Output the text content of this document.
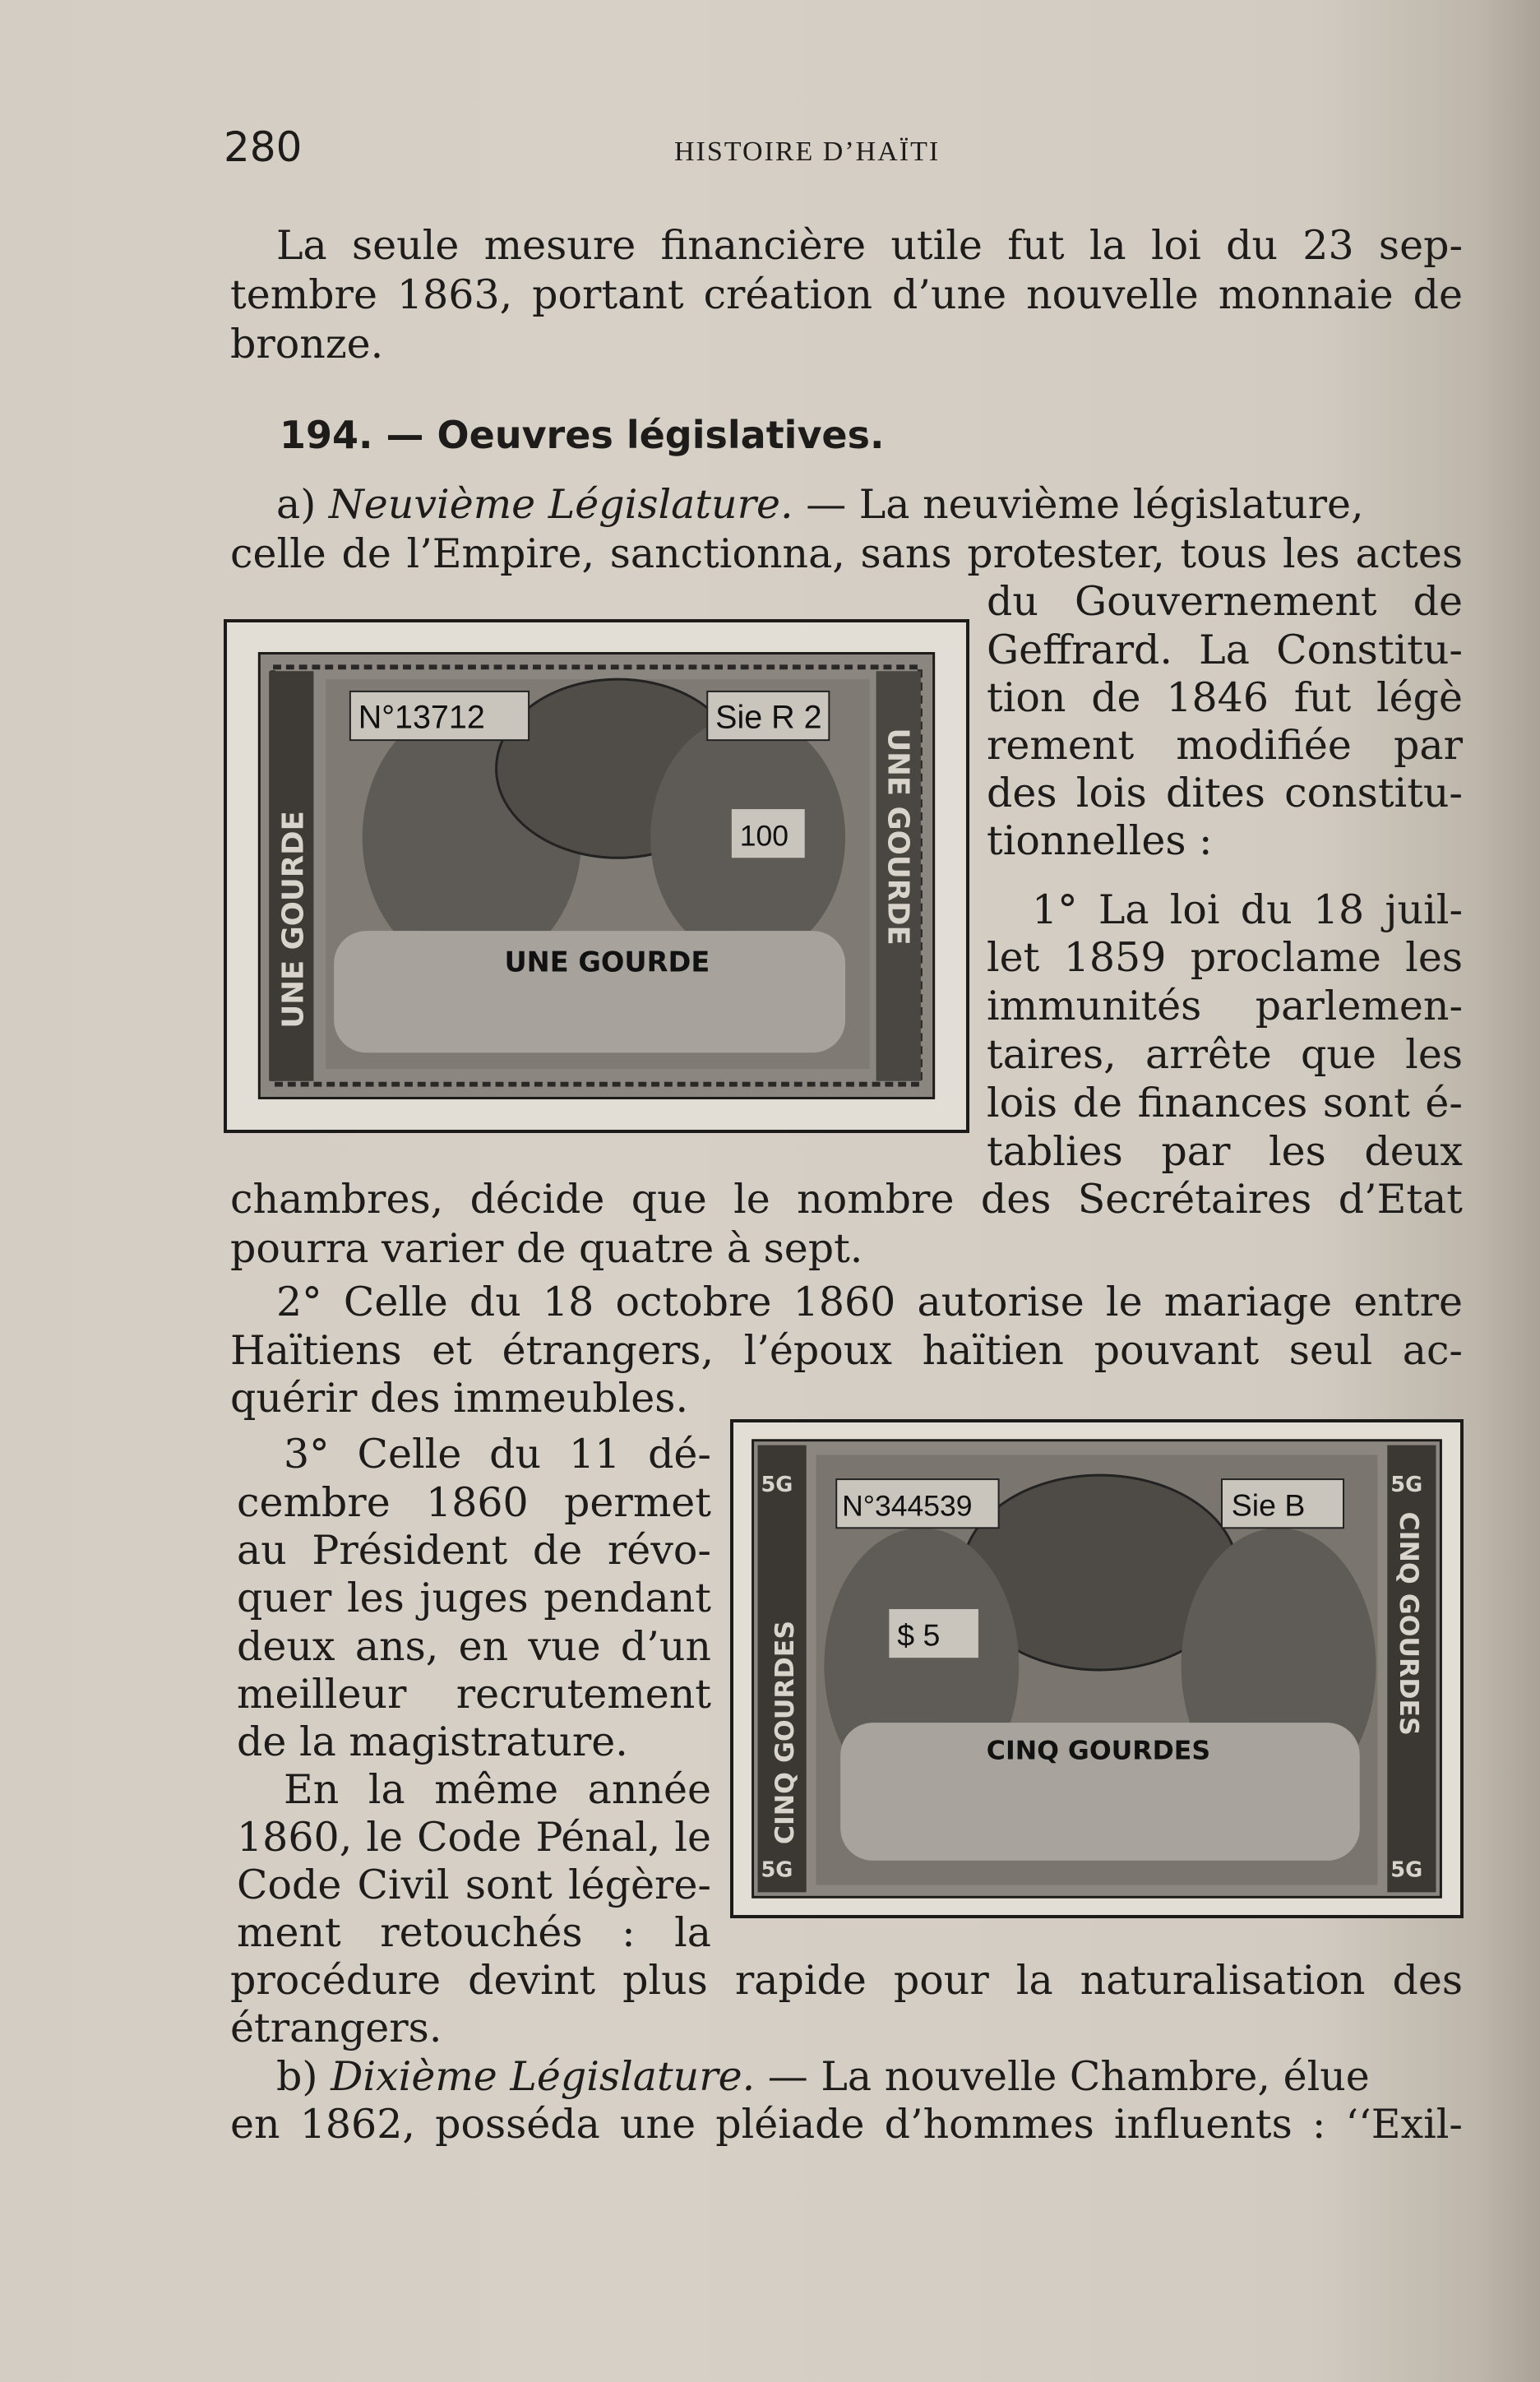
280	HISTOIRE D’HAÏTI
La seule mesure financière utile fut la loi du 23 sep-
tembre 1863, portant création d’une nouvelle monnaie de
bronze.
194. — Oeuvres législatives.
a) Neuvième Législature. — La neuvième législature,
celle de l’Empire, sanctionna, sans protester, tous les actes
du Gouvernement de
Geffrard. La Constitu-
tion de 1846 fut légè
rement modifiée par
des lois dites constitu-
tionnelles :
1° La loi du 18 juil-
let 1859 proclame les
immunités parlemen-
taires, arrête que les
lois de finances sont é-
tablies par les deux
chambres, décide que le nombre des Secrétaires d’Etat
pourra varier de quatre à sept.
2° Celle du 18 octobre 1860 autorise le mariage entre
Haïtiens et étrangers, l’époux haïtien pouvant seul ac-
quérir des immeubles.
3° Celle du 11 dé-
cembre 1860 permet
au Président de révo-
quer les juges pendant
deux ans, en vue d’un
meilleur recrutement
de la magistrature.
En la même année
1860, le Code Pénal, le
Code Civil sont légère-
ment retouchés : la
procédure devint plus rapide pour la naturalisation des
étrangers.
b) Dixième Législature. — La nouvelle Chambre, élue
en 1862, posséda une pléiade d’hommes influents : ‘‘Exil-
N°13712	Sie R 2
100
UNE GOURDE
UNE GOURDE	UNE GOURDE
N°344539	Sie B
$ 5
CINQ GOURDES
5G	5G
5G	5G
CINQ GOURDES	CINQ GOURDES
